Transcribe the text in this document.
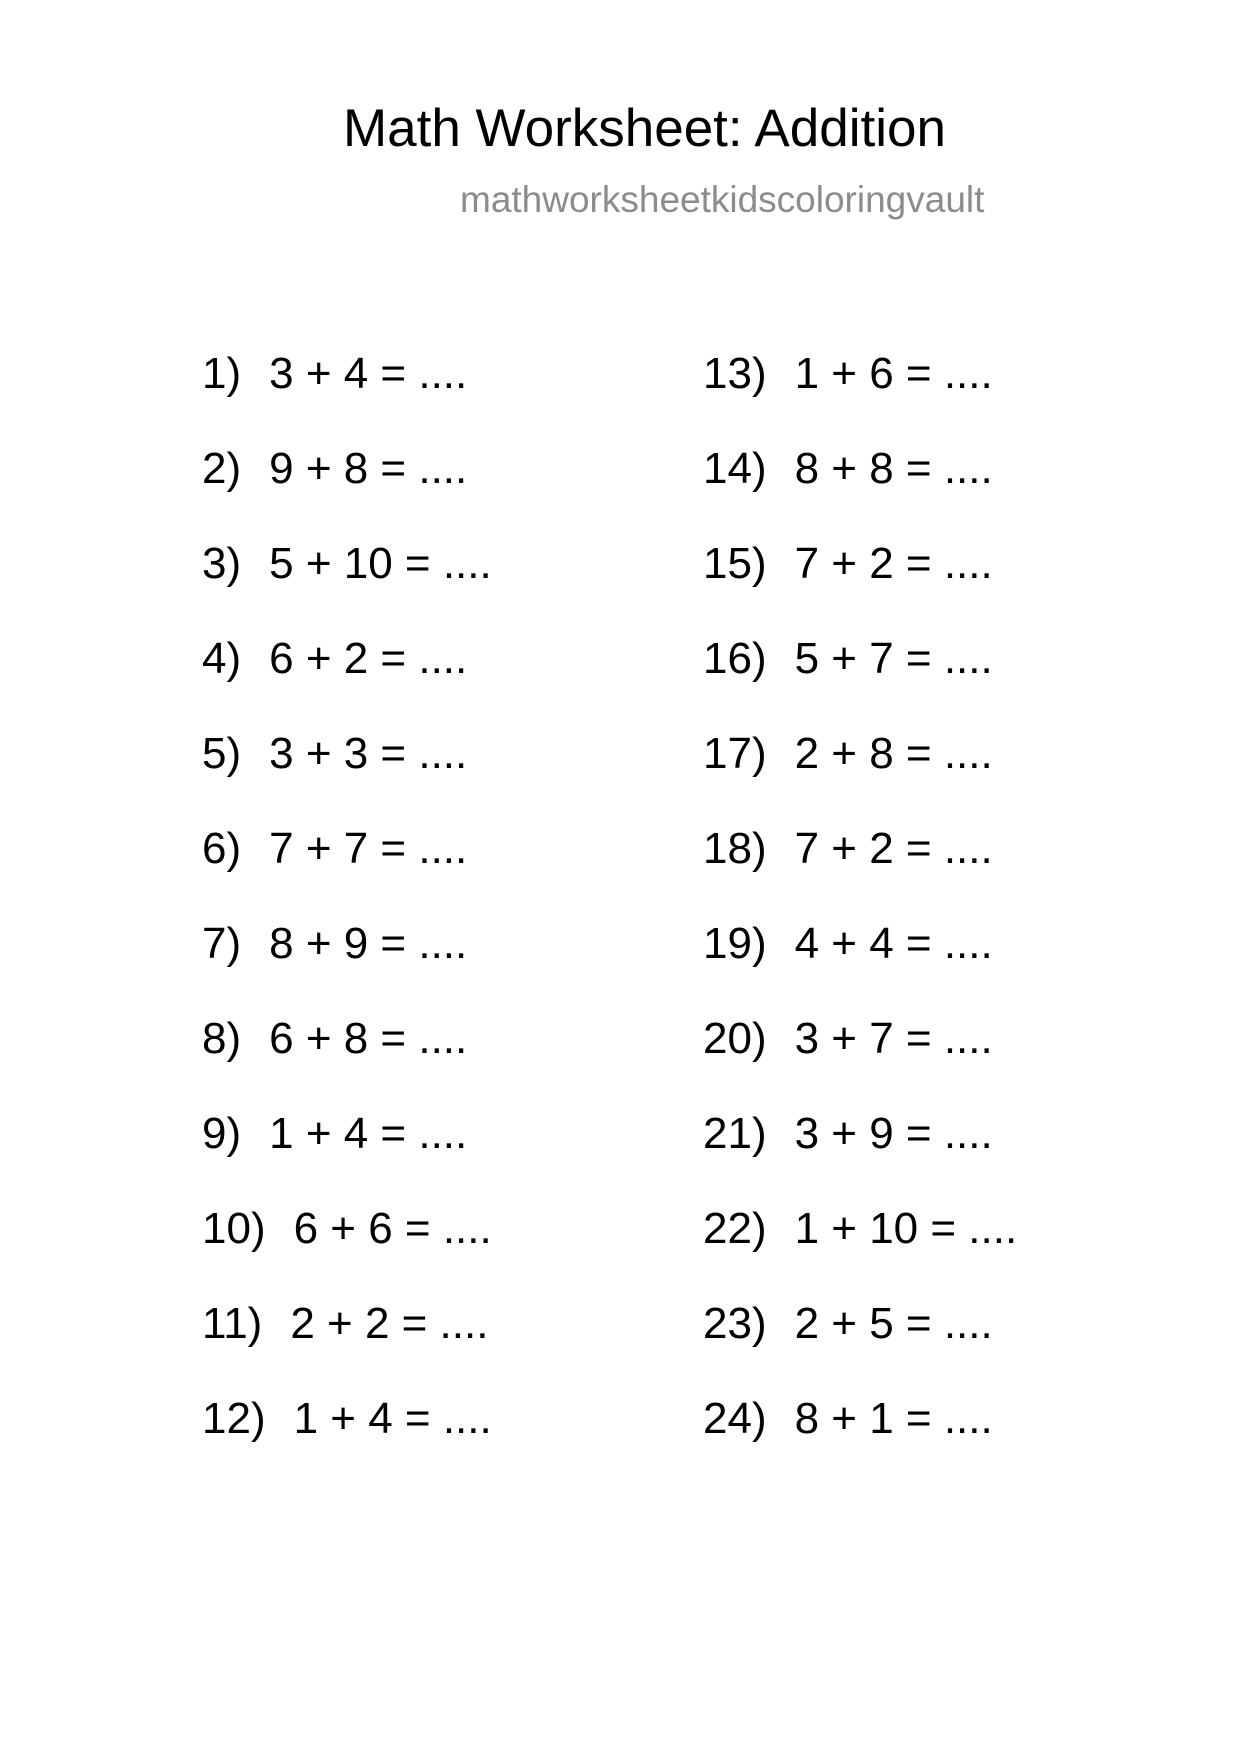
Math Worksheet: Addition
mathworksheetkidscoloringvault
1) 3 + 4 = ....
2) 9 + 8 = ....
3) 5 + 10 = ....
4) 6 + 2 = ....
5) 3 + 3 = ....
6) 7 + 7 = ....
7) 8 + 9 = ....
8) 6 + 8 = ....
9) 1 + 4 = ....
10) 6 + 6 = ....
11) 2 + 2 = ....
12) 1 + 4 = ....
13) 1 + 6 = ....
14) 8 + 8 = ....
15) 7 + 2 = ....
16) 5 + 7 = ....
17) 2 + 8 = ....
18) 7 + 2 = ....
19) 4 + 4 = ....
20) 3 + 7 = ....
21) 3 + 9 = ....
22) 1 + 10 = ....
23) 2 + 5 = ....
24) 8 + 1 = ....
